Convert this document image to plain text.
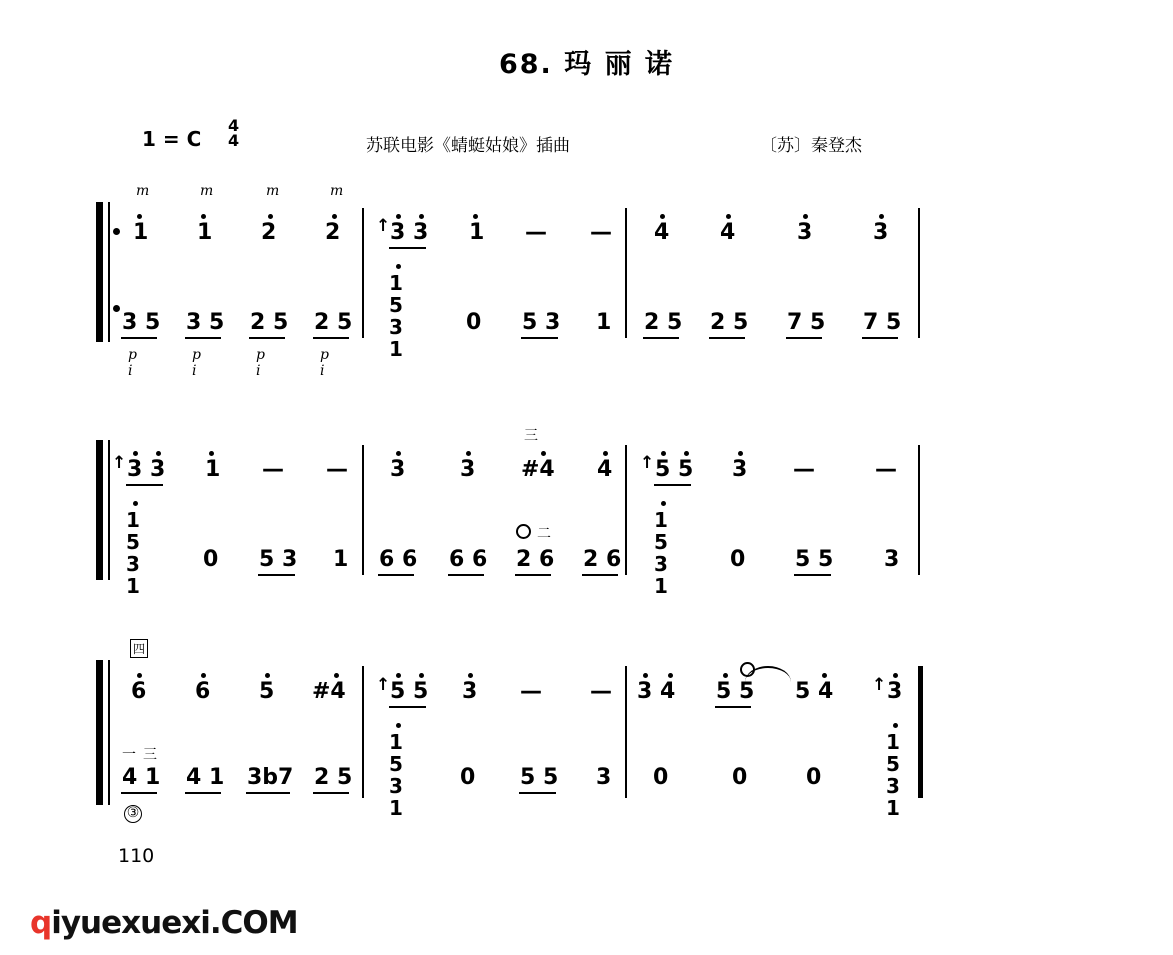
68. 玛 丽 诺
1 = C
4
4	苏联电影《蜻蜓姑娘》插曲	〔苏〕秦登杰
m	m	m	m
1 1 2 2
3 5 3 5 2 5 2 5
p i
p i
p i
p i
↑ 3 3 1 — —
1
5
3
1
0 5 3 1
4 4	3	3
2 5 2 5 7 5 7 5
↑ 3 3 1 — —
1
5
3
1
0 5 3 1
三
3 3 #4 4
二
6 6 6 6 2 6 2 6
↑ 5 5 3 —	—
1
5
3
1
0 5 5 3
四
6 6 5 #4
一 三
4 1 4 1 3b7 2 5
③
↑ 5 5 3 — —
1
5
3
1
0 5 5 3
3 4 5 5 5 4 ↑ 3
0	0	0
1
5
3
1
110
qiyuexuexi.COM
